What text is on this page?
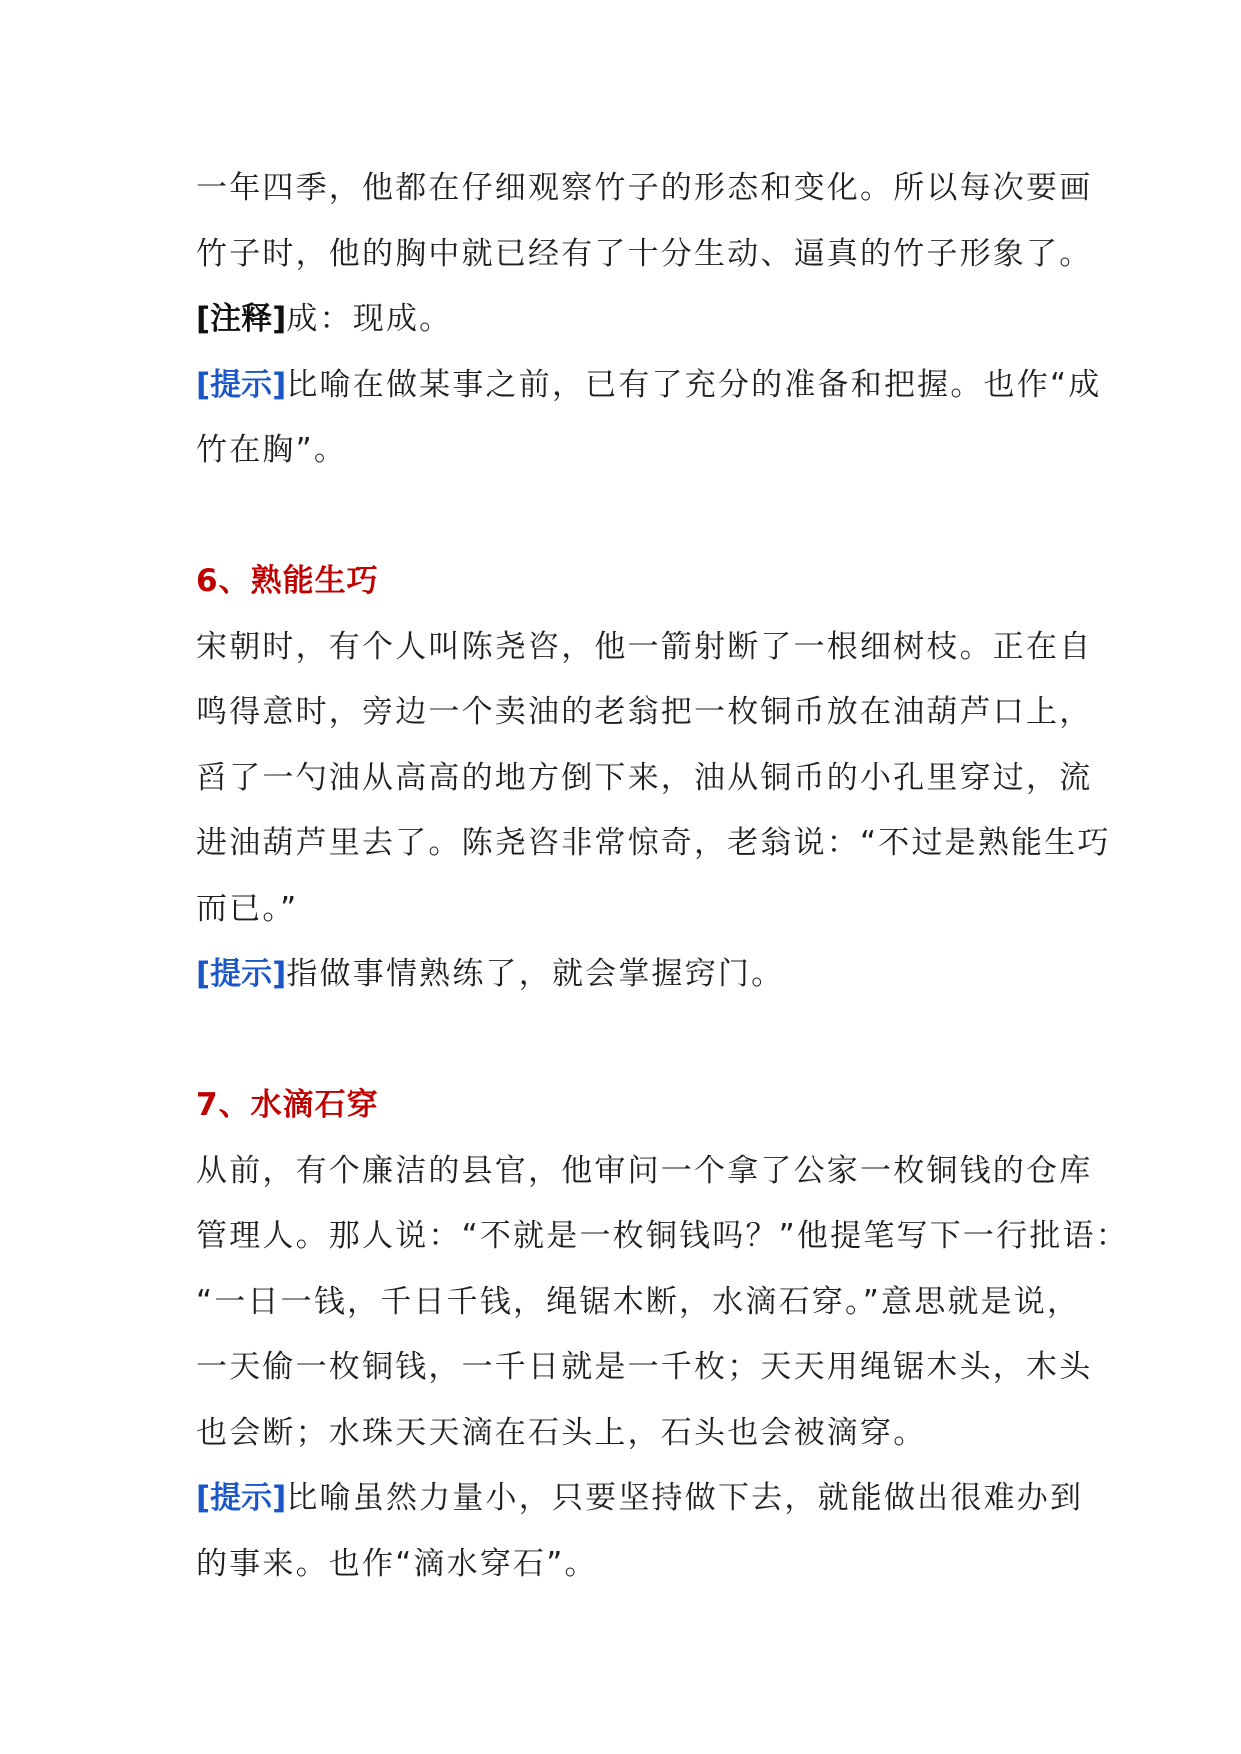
一年四季，他都在仔细观察竹子的形态和变化。所以每次要画
竹子时，他的胸中就已经有了十分生动、逼真的竹子形象了。
[注释]成：现成。
[提示]比喻在做某事之前，已有了充分的准备和把握。也作“成
竹在胸”。
6、熟能生巧
宋朝时，有个人叫陈尧咨，他一箭射断了一根细树枝。正在自
鸣得意时，旁边一个卖油的老翁把一枚铜币放在油葫芦口上，
舀了一勺油从高高的地方倒下来，油从铜币的小孔里穿过，流
进油葫芦里去了。陈尧咨非常惊奇，老翁说：“不过是熟能生巧
而已。”
[提示]指做事情熟练了，就会掌握窍门。
7、水滴石穿
从前，有个廉洁的县官，他审问一个拿了公家一枚铜钱的仓库
管理人。那人说：“不就是一枚铜钱吗？”他提笔写下一行批语：
“一日一钱，千日千钱，绳锯木断，水滴石穿。”意思就是说，
一天偷一枚铜钱，一千日就是一千枚；天天用绳锯木头，木头
也会断；水珠天天滴在石头上，石头也会被滴穿。
[提示]比喻虽然力量小，只要坚持做下去，就能做出很难办到
的事来。也作“滴水穿石”。
